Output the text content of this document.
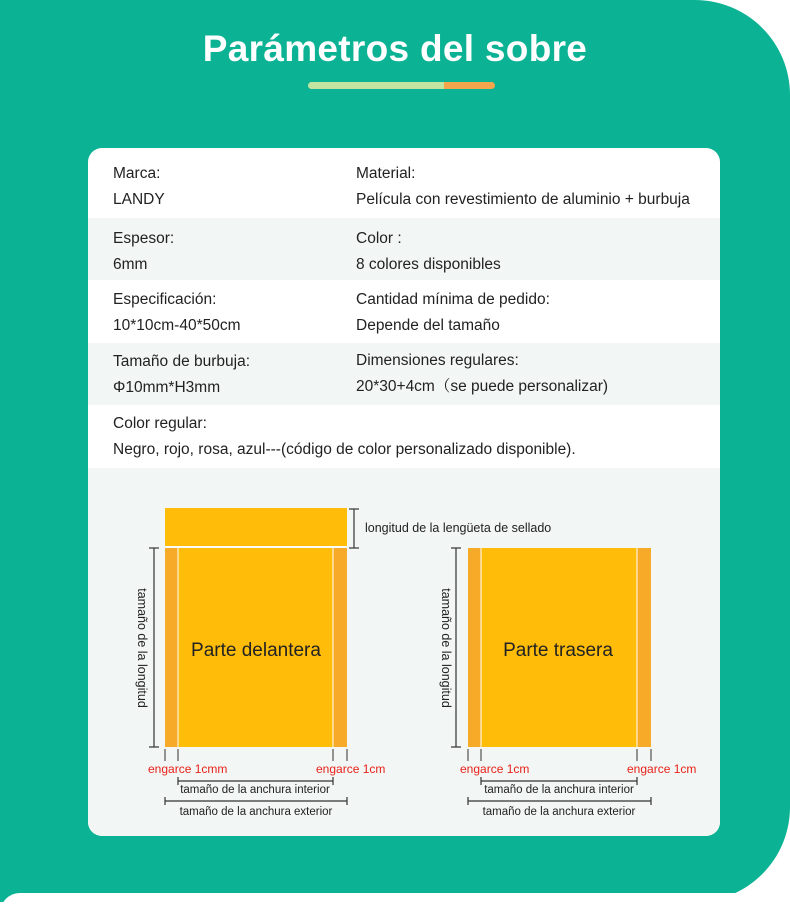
Parámetros del sobre
Marca:
LANDY
Material:
Película con revestimiento de aluminio + burbuja
Espesor:
6mm
Color :
8 colores disponibles
Especificación:
10*10cm-40*50cm
Cantidad mínima de pedido:
Depende del tamaño
Tamaño de burbuja:
Φ10mm*H3mm
Dimensiones regulares:
20*30+4cm（se puede personalizar)
Color regular:
Negro, rojo, rosa, azul---(código de color personalizado disponible).
longitud de la lengüeta de sellado
Parte delantera
tamaño de la longitud
engarce 1cmm	engarce 1cm
tamaño de la anchura interior
tamaño de la anchura exterior
Parte trasera
tamaño de la longitud
engarce 1cm	engarce 1cm
tamaño de la anchura interior
tamaño de la anchura exterior
